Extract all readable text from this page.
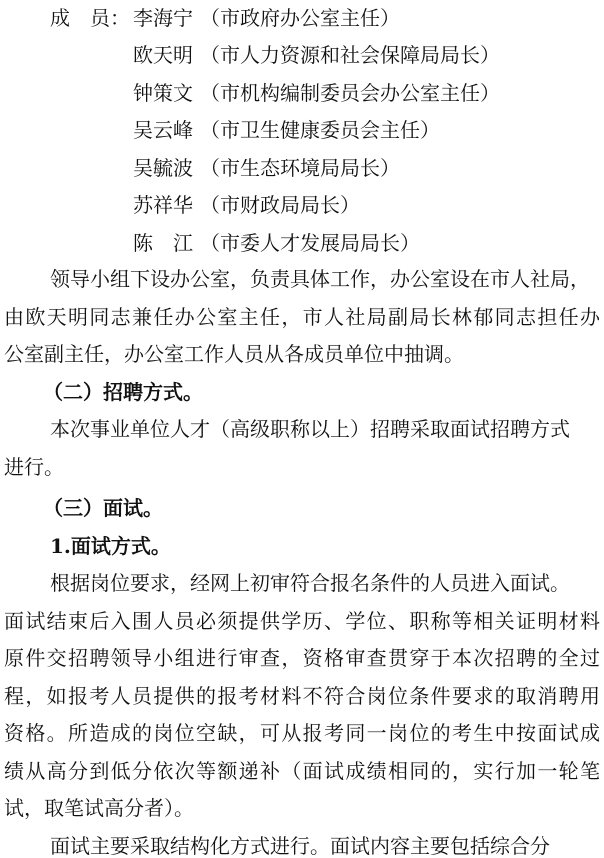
成　员： 李海宁 （市政府办公室主任）
欧天明 （市人力资源和社会保障局局长）
钟策文 （市机构编制委员会办公室主任）
吴云峰 （市卫生健康委员会主任）
吴毓波 （市生态环境局局长）
苏祥华 （市财政局局长）
陈　江 （市委人才发展局局长）
领导小组下设办公室，负责具体工作，办公室设在市人社局，
由欧天明同志兼任办公室主任，市人社局副局长林郁同志担任办
公室副主任，办公室工作人员从各成员单位中抽调。
（二）招聘方式。
本次事业单位人才（高级职称以上）招聘采取面试招聘方式
进行。
（三）面试。
1.面试方式。
根据岗位要求，经网上初审符合报名条件的人员进入面试。
面试结束后入围人员必须提供学历、学位、职称等相关证明材料
原件交招聘领导小组进行审查，资格审查贯穿于本次招聘的全过
程，如报考人员提供的报考材料不符合岗位条件要求的取消聘用
资格。所造成的岗位空缺，可从报考同一岗位的考生中按面试成
绩从高分到低分依次等额递补（面试成绩相同的，实行加一轮笔
试，取笔试高分者）。
面试主要采取结构化方式进行。面试内容主要包括综合分
